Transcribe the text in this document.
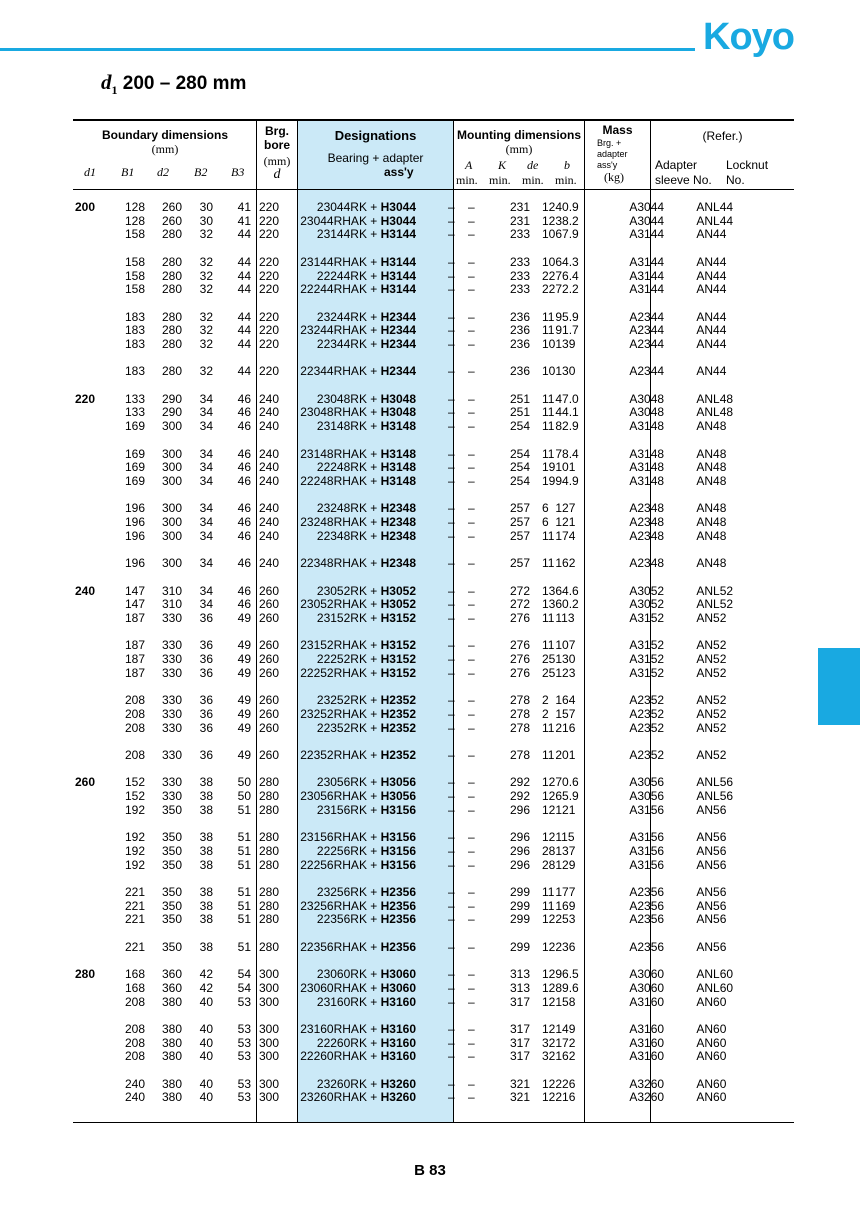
Koyo
$d_1$ 200 – 280 mm
Boundary dimensions
(mm)
d1 B1 d2 B2 B3
Brg.
bore
(mm)
d
Designations
Bearing + adapter
ass'y
Mounting dimensions
(mm)
A K de b
min. min. min. min.
Mass
Brg. +
adapter
ass'y
(kg)
(Refer.)
Adapter
sleeve No.
Locknut
No.
200	128	260	30	41	220	23044RK + H3044	–	–	231	12	40.9	A3044	ANL44
	128	260	30	41	220	23044RHAK + H3044	–	–	231	12	38.2	A3044	ANL44
	158	280	32	44	220	23144RK + H3144	–	–	233	10	67.9	A3144	AN44

	158	280	32	44	220	23144RHAK + H3144	–	–	233	10	64.3	A3144	AN44
	158	280	32	44	220	22244RK + H3144	–	–	233	22	76.4	A3144	AN44
	158	280	32	44	220	22244RHAK + H3144	–	–	233	22	72.2	A3144	AN44

	183	280	32	44	220	23244RK + H2344	–	–	236	11	95.9	A2344	AN44
	183	280	32	44	220	23244RHAK + H2344	–	–	236	11	91.7	A2344	AN44
	183	280	32	44	220	22344RK + H2344	–	–	236	10	139	A2344	AN44

	183	280	32	44	220	22344RHAK + H2344	–	–	236	10	130	A2344	AN44

220	133	290	34	46	240	23048RK + H3048	–	–	251	11	47.0	A3048	ANL48
	133	290	34	46	240	23048RHAK + H3048	–	–	251	11	44.1	A3048	ANL48
	169	300	34	46	240	23148RK + H3148	–	–	254	11	82.9	A3148	AN48

	169	300	34	46	240	23148RHAK + H3148	–	–	254	11	78.4	A3148	AN48
	169	300	34	46	240	22248RK + H3148	–	–	254	19	101	A3148	AN48
	169	300	34	46	240	22248RHAK + H3148	–	–	254	19	94.9	A3148	AN48

	196	300	34	46	240	23248RK + H2348	–	–	257	6	127	A2348	AN48
	196	300	34	46	240	23248RHAK + H2348	–	–	257	6	121	A2348	AN48
	196	300	34	46	240	22348RK + H2348	–	–	257	11	174	A2348	AN48

	196	300	34	46	240	22348RHAK + H2348	–	–	257	11	162	A2348	AN48

240	147	310	34	46	260	23052RK + H3052	–	–	272	13	64.6	A3052	ANL52
	147	310	34	46	260	23052RHAK + H3052	–	–	272	13	60.2	A3052	ANL52
	187	330	36	49	260	23152RK + H3152	–	–	276	11	113	A3152	AN52

	187	330	36	49	260	23152RHAK + H3152	–	–	276	11	107	A3152	AN52
	187	330	36	49	260	22252RK + H3152	–	–	276	25	130	A3152	AN52
	187	330	36	49	260	22252RHAK + H3152	–	–	276	25	123	A3152	AN52

	208	330	36	49	260	23252RK + H2352	–	–	278	2	164	A2352	AN52
	208	330	36	49	260	23252RHAK + H2352	–	–	278	2	157	A2352	AN52
	208	330	36	49	260	22352RK + H2352	–	–	278	11	216	A2352	AN52

	208	330	36	49	260	22352RHAK + H2352	–	–	278	11	201	A2352	AN52

260	152	330	38	50	280	23056RK + H3056	–	–	292	12	70.6	A3056	ANL56
	152	330	38	50	280	23056RHAK + H3056	–	–	292	12	65.9	A3056	ANL56
	192	350	38	51	280	23156RK + H3156	–	–	296	12	121	A3156	AN56

	192	350	38	51	280	23156RHAK + H3156	–	–	296	12	115	A3156	AN56
	192	350	38	51	280	22256RK + H3156	–	–	296	28	137	A3156	AN56
	192	350	38	51	280	22256RHAK + H3156	–	–	296	28	129	A3156	AN56

	221	350	38	51	280	23256RK + H2356	–	–	299	11	177	A2356	AN56
	221	350	38	51	280	23256RHAK + H2356	–	–	299	11	169	A2356	AN56
	221	350	38	51	280	22356RK + H2356	–	–	299	12	253	A2356	AN56

	221	350	38	51	280	22356RHAK + H2356	–	–	299	12	236	A2356	AN56

280	168	360	42	54	300	23060RK + H3060	–	–	313	12	96.5	A3060	ANL60
	168	360	42	54	300	23060RHAK + H3060	–	–	313	12	89.6	A3060	ANL60
	208	380	40	53	300	23160RK + H3160	–	–	317	12	158	A3160	AN60

	208	380	40	53	300	23160RHAK + H3160	–	–	317	12	149	A3160	AN60
	208	380	40	53	300	22260RK + H3160	–	–	317	32	172	A3160	AN60
	208	380	40	53	300	22260RHAK + H3160	–	–	317	32	162	A3160	AN60

	240	380	40	53	300	23260RK + H3260	–	–	321	12	226	A3260	AN60
	240	380	40	53	300	23260RHAK + H3260	–	–	321	12	216	A3260	AN60
B 83
